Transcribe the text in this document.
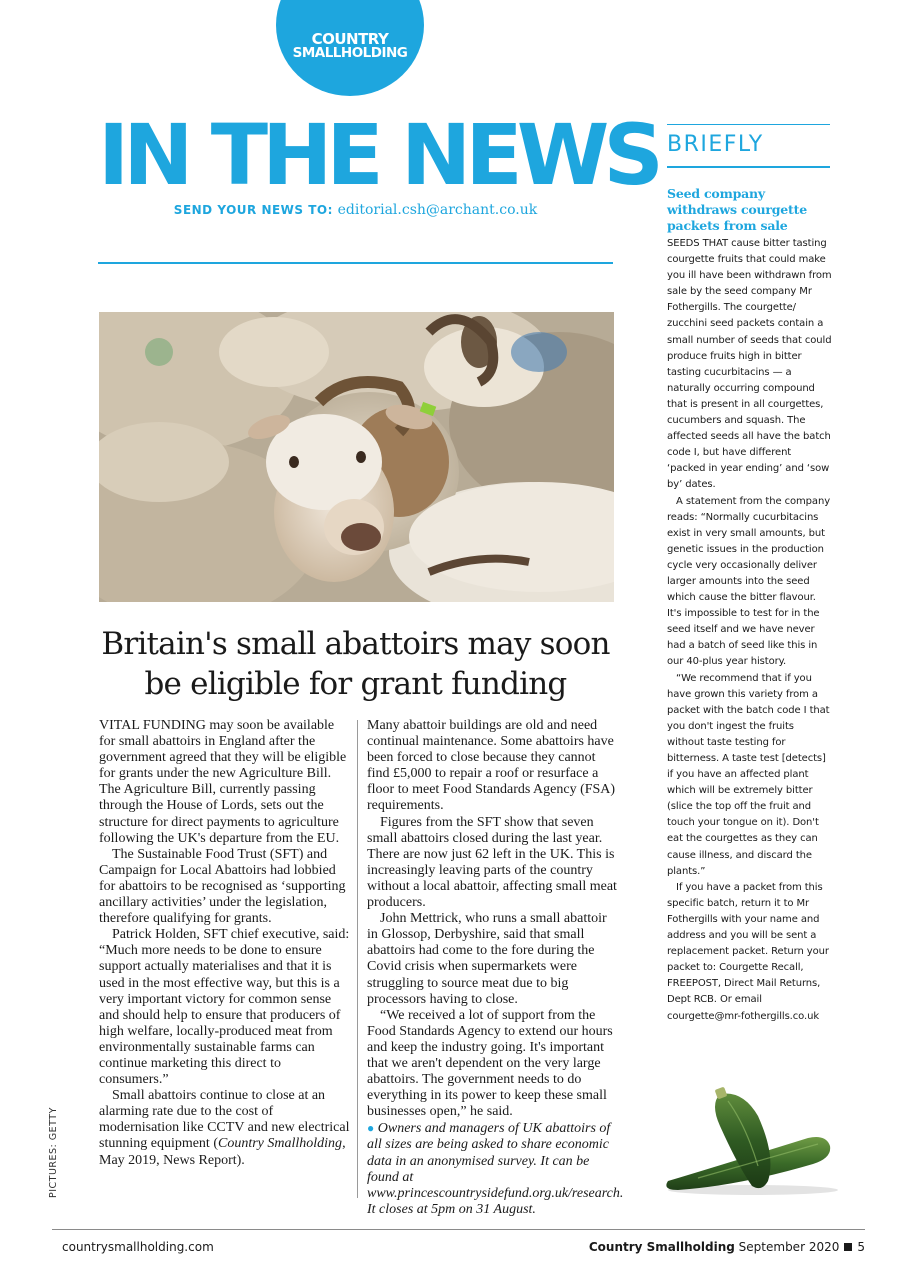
COUNTRY
SMALLHOLDING
IN THE NEWS
SEND YOUR NEWS TO: editorial.csh@archant.co.uk
Britain's small abattoirs may soon
be eligible for grant funding

VITAL FUNDING may soon be available for small abattoirs in England after the government agreed that they will be eligible for grants under the new Agriculture Bill. The Agriculture Bill, currently passing through the House of Lords, sets out the structure for direct payments to agriculture following the UK's departure from the EU.

The Sustainable Food Trust (SFT) and Campaign for Local Abattoirs had lobbied for abattoirs to be recognised as ‘supporting ancillary activities’ under the legislation, therefore qualifying for grants.

Patrick Holden, SFT chief executive, said: “Much more needs to be done to ensure support actually materialises and that it is used in the most effective way, but this is a very important victory for common sense and should help to ensure that producers of high welfare, locally-produced meat from environmentally sustainable farms can continue marketing this direct to consumers.”

Small abattoirs continue to close at an alarming rate due to the cost of modernisation like CCTV and new electrical stunning equipment (Country Smallholding, May 2019, News Report).

Many abattoir buildings are old and need continual maintenance. Some abattoirs have been forced to close because they cannot find £5,000 to repair a roof or resurface a floor to meet Food Standards Agency (FSA) requirements.

Figures from the SFT show that seven small abattoirs closed during the last year. There are now just 62 left in the UK. This is increasingly leaving parts of the country without a local abattoir, affecting small meat producers.

John Mettrick, who runs a small abattoir in Glossop, Derbyshire, said that small abattoirs had come to the fore during the Covid crisis when supermarkets were struggling to source meat due to big processors having to close.

“We received a lot of support from the Food Standards Agency to extend our hours and keep the industry going. It's important that we aren't dependent on the very large abattoirs. The government needs to do everything in its power to keep these small businesses open,” he said.

● Owners and managers of UK abattoirs of all sizes are being asked to share economic data in an anonymised survey. It can be found at www.princescountrysidefund.org.uk/research. It closes at 5pm on 31 August.

PICTURES: GETTY
BRIEFLY
Seed company withdraws courgette packets from sale

SEEDS THAT cause bitter tasting courgette fruits that could make you ill have been withdrawn from sale by the seed company Mr Fothergills. The courgette/ zucchini seed packets contain a small number of seeds that could produce fruits high in bitter tasting cucurbitacins — a naturally occurring compound that is present in all courgettes, cucumbers and squash. The affected seeds all have the batch code I, but have different ‘packed in year ending’ and ‘sow by’ dates.

A statement from the company reads: “Normally cucurbitacins exist in very small amounts, but genetic issues in the production cycle very occasionally deliver larger amounts into the seed which cause the bitter flavour. It's impossible to test for in the seed itself and we have never had a batch of seed like this in our 40-plus year history.

“We recommend that if you have grown this variety from a packet with the batch code I that you don't ingest the fruits without taste testing for bitterness. A taste test [detects] if you have an affected plant which will be extremely bitter (slice the top off the fruit and touch your tongue on it). Don't eat the courgettes as they can cause illness, and discard the plants.”

If you have a packet from this specific batch, return it to Mr Fothergills with your name and address and you will be sent a replacement packet. Return your packet to: Courgette Recall, FREEPOST, Direct Mail Returns, Dept RCB. Or email

courgette@mr-fothergills.co.uk

countrysmallholding.com	Country Smallholding September 2020 5
